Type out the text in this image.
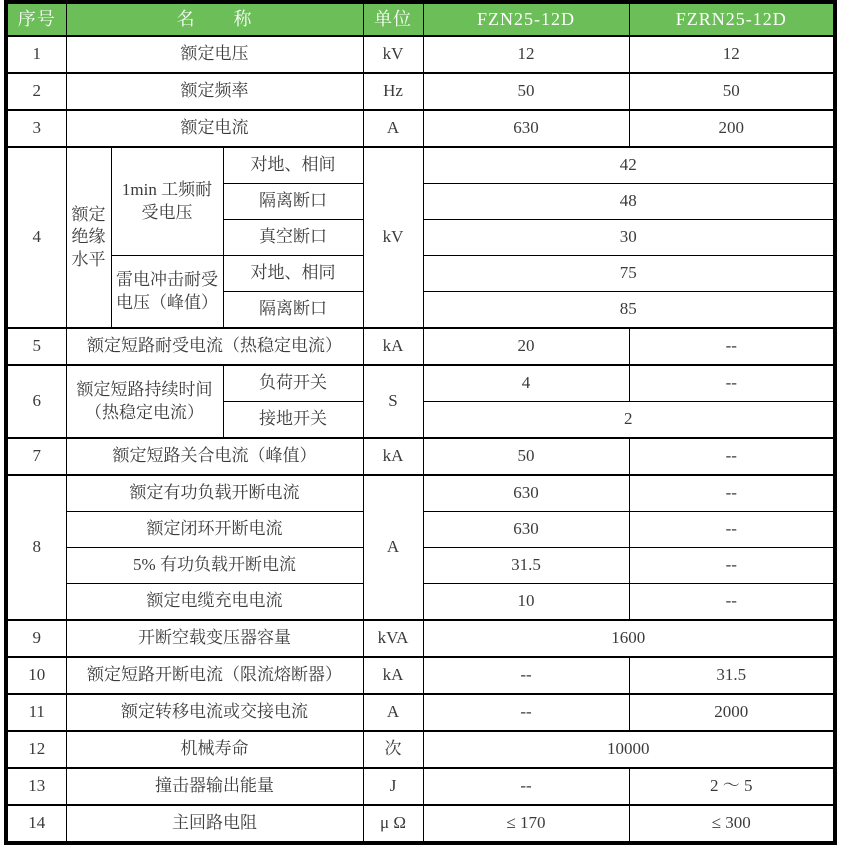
序号	名　　称			单位	FZN25-12D	FZRN25-12D
1	额定电压			kV	12	12
2	额定频率			Hz	50	50
3	额定电流			A	630	200
4	额定绝缘水平	1min 工频耐受电压	对地、相间	kV	42	
			隔离断口		48	
			真空断口		30	
		雷电冲击耐受电压（峰值）	对地、相同		75	
			隔离断口		85	
5	额定短路耐受电流（热稳定电流）			kA	20	--
6	额定短路持续时间（热稳定电流）		负荷开关	S	4	--
			接地开关		2	
7	额定短路关合电流（峰值）			kA	50	--
8	额定有功负载开断电流			A	630	--
	额定闭环开断电流				630	--
	5% 有功负载开断电流				31.5	--
	额定电缆充电电流				10	--
9	开断空载变压器容量			kVA	1600	
10	额定短路开断电流（限流熔断器）			kA	--	31.5
11	额定转移电流或交接电流			A	--	2000
12	机械寿命			次	10000	
13	撞击器输出能量			J	--	2 ～ 5
14	主回路电阻			μ Ω	≤ 170	≤ 300
